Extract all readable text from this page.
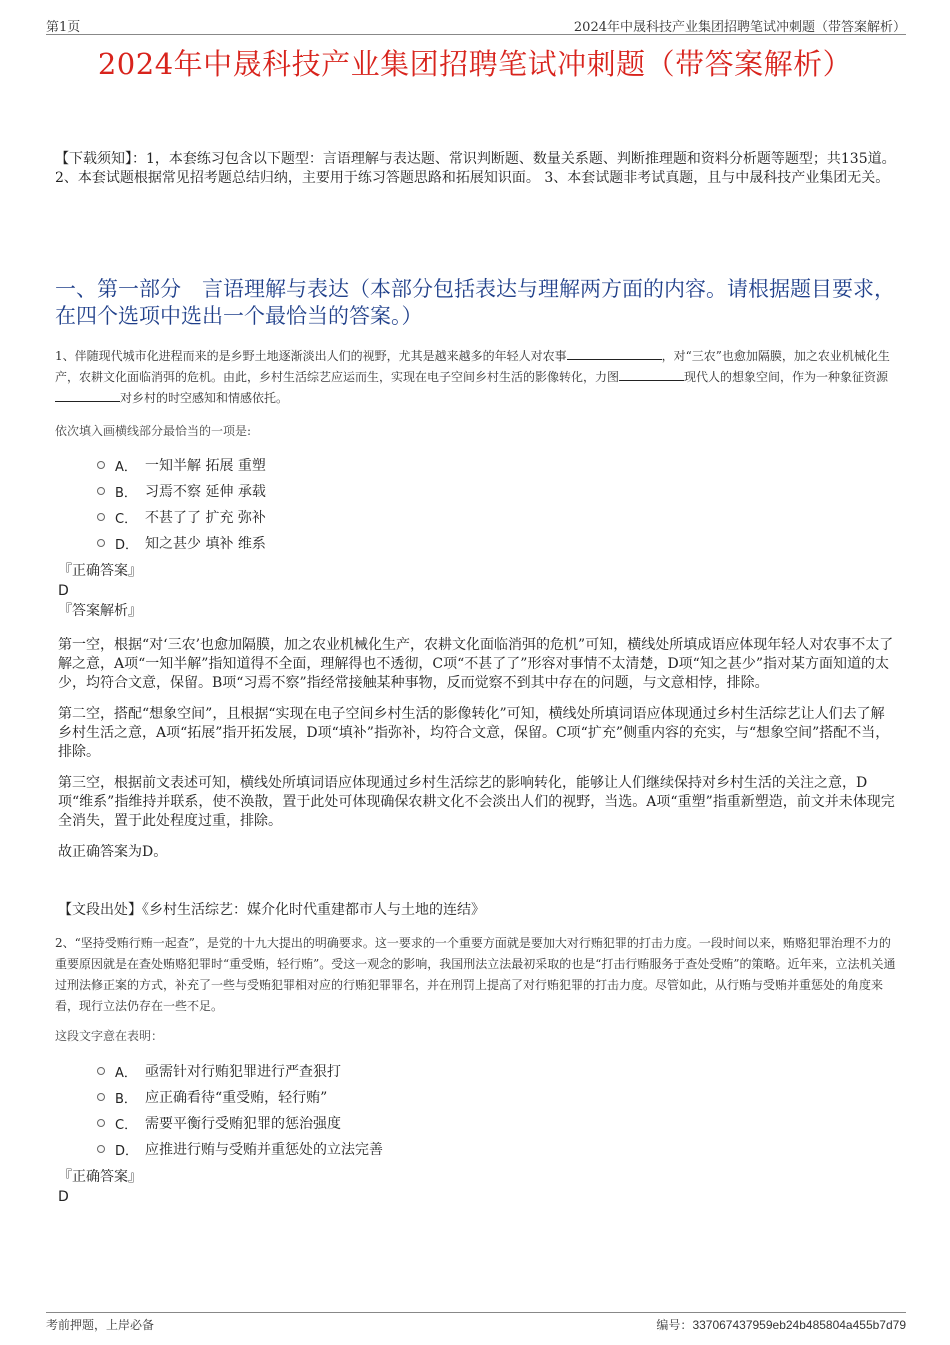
第1页	2024年中晟科技产业集团招聘笔试冲刺题（带答案解析）
2024年中晟科技产业集团招聘笔试冲刺题（带答案解析）
【下载须知】：1，本套练习包含以下题型：言语理解与表达题、常识判断题、数量关系题、判断推理题和资料分析题等题型；共135道。 2、本套试题根据常见招考题总结归纳，主要用于练习答题思路和拓展知识面。 3、本套试题非考试真题，且与中晟科技产业集团无关。
一、第一部分　言语理解与表达（本部分包括表达与理解两方面的内容。请根据题目要求，在四个选项中选出一个最恰当的答案。）
1、伴随现代城市化进程而来的是乡野土地逐渐淡出人们的视野，尤其是越来越多的年轻人对农事	，对“三农”也愈加隔膜，加之农业机械化生产，农耕文化面临消弭的危机。由此，乡村生活综艺应运而生，实现在电子空间乡村生活的影像转化，力图	现代人的想象空间，作为一种象征资源对乡村的时空感知和情感依托。
依次填入画横线部分最恰当的一项是:
A． 一知半解 拓展 重塑
B． 习焉不察 延伸 承载
C． 不甚了了 扩充 弥补
D． 知之甚少 填补 维系
『正确答案』
D
『答案解析』

第一空，根据“对‘三农’也愈加隔膜，加之农业机械化生产，农耕文化面临消弭的危机”可知，横线处所填成语应体现年轻人对农事不太了解之意，A项“一知半解”指知道得不全面，理解得也不透彻，C项“不甚了了”形容对事情不太清楚，D项“知之甚少”指对某方面知道的太少，均符合文意，保留。B项“习焉不察”指经常接触某种事物，反而觉察不到其中存在的问题，与文意相悖，排除。

第二空，搭配“想象空间”，且根据“实现在电子空间乡村生活的影像转化”可知，横线处所填词语应体现通过乡村生活综艺让人们去了解乡村生活之意，A项“拓展”指开拓发展，D项“填补”指弥补，均符合文意，保留。C项“扩充”侧重内容的充实，与“想象空间”搭配不当，排除。

第三空，根据前文表述可知，横线处所填词语应体现通过乡村生活综艺的影响转化，能够让人们继续保持对乡村生活的关注之意，D项“维系”指维持并联系，使不涣散，置于此处可体现确保农耕文化不会淡出人们的视野，当选。A项“重塑”指重新塑造，前文并未体现完全消失，置于此处程度过重，排除。

故正确答案为D。

【文段出处】《乡村生活综艺：媒介化时代重建都市人与土地的连结》
2、“坚持受贿行贿一起查”，是党的十九大提出的明确要求。这一要求的一个重要方面就是要加大对行贿犯罪的打击力度。一段时间以来，贿赂犯罪治理不力的重要原因就是在查处贿赂犯罪时“重受贿，轻行贿”。受这一观念的影响，我国刑法立法最初采取的也是“打击行贿服务于查处受贿”的策略。近年来，立法机关通过刑法修正案的方式，补充了一些与受贿犯罪相对应的行贿犯罪罪名，并在刑罚上提高了对行贿犯罪的打击力度。尽管如此，从行贿与受贿并重惩处的角度来看，现行立法仍存在一些不足。
这段文字意在表明：
A． 亟需针对行贿犯罪进行严查狠打
B． 应正确看待“重受贿，轻行贿”
C． 需要平衡行受贿犯罪的惩治强度
D． 应推进行贿与受贿并重惩处的立法完善
『正确答案』
D
考前押题，上岸必备	编号：337067437959eb24b485804a455b7d79
